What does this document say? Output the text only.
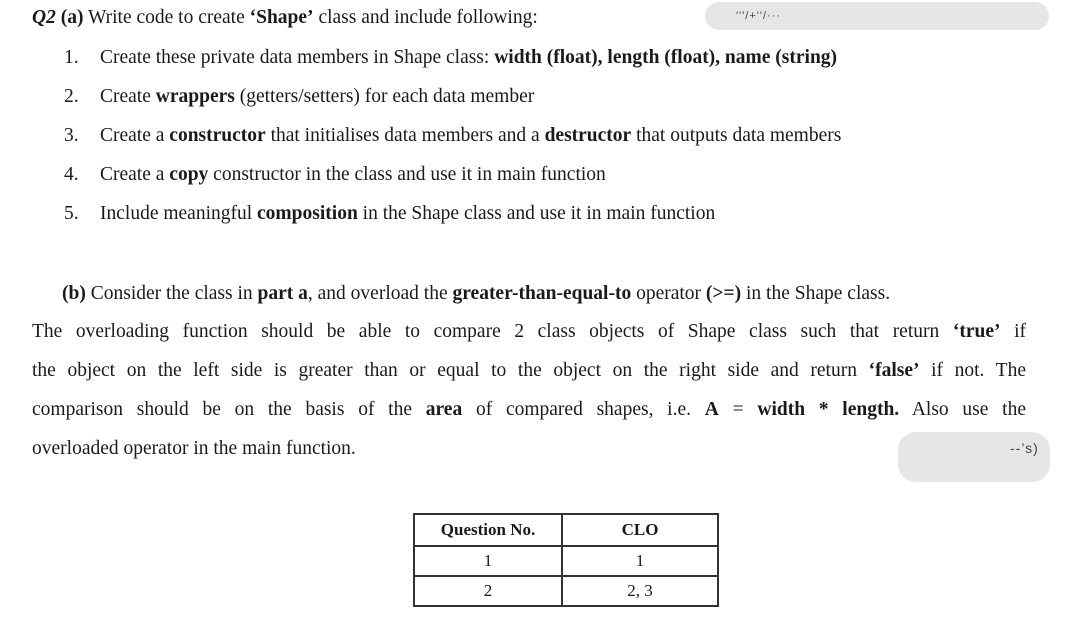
Q2 (a) Write code to create ‘Shape’ class and include following:	'''/+''/···
1. Create these private data members in Shape class: width (float), length (float), name (string)
2. Create wrappers (getters/setters) for each data member
3. Create a constructor that initialises data members and a destructor that outputs data members
4. Create a copy constructor in the class and use it in main function
5. Include meaningful composition in the Shape class and use it in main function
(b) Consider the class in part a, and overload the greater-than-equal-to operator (>=) in the Shape class.
The overloading function should be able to compare 2 class objects of Shape class such that return ‘true’ if
the object on the left side is greater than or equal to the object on the right side and return ‘false’ if not. The
comparison should be on the basis of the area of compared shapes, i.e. A = width * length. Also use the
overloaded operator in the main function.	--’s)
Question No.	CLO
1	1
2	2, 3
